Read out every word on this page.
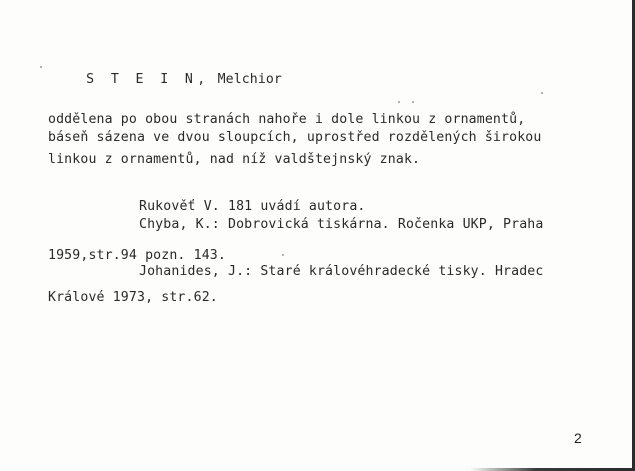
S T E I N, Melchior

oddělena po obou stranách nahoře i dole linkou z ornamentů,
báseň sázena ve dvou sloupcích, uprostřed rozdělených širokou
linkou z ornamentů, nad níž valdštejnský znak.
Rukověť V. 181 uvádí autora.
Chyba, K.: Dobrovická tiskárna. Ročenka UKP, Praha
1959,str.94 pozn. 143.
Johanides, J.: Staré královéhradecké tisky. Hradec
Králové 1973, str.62.
2
